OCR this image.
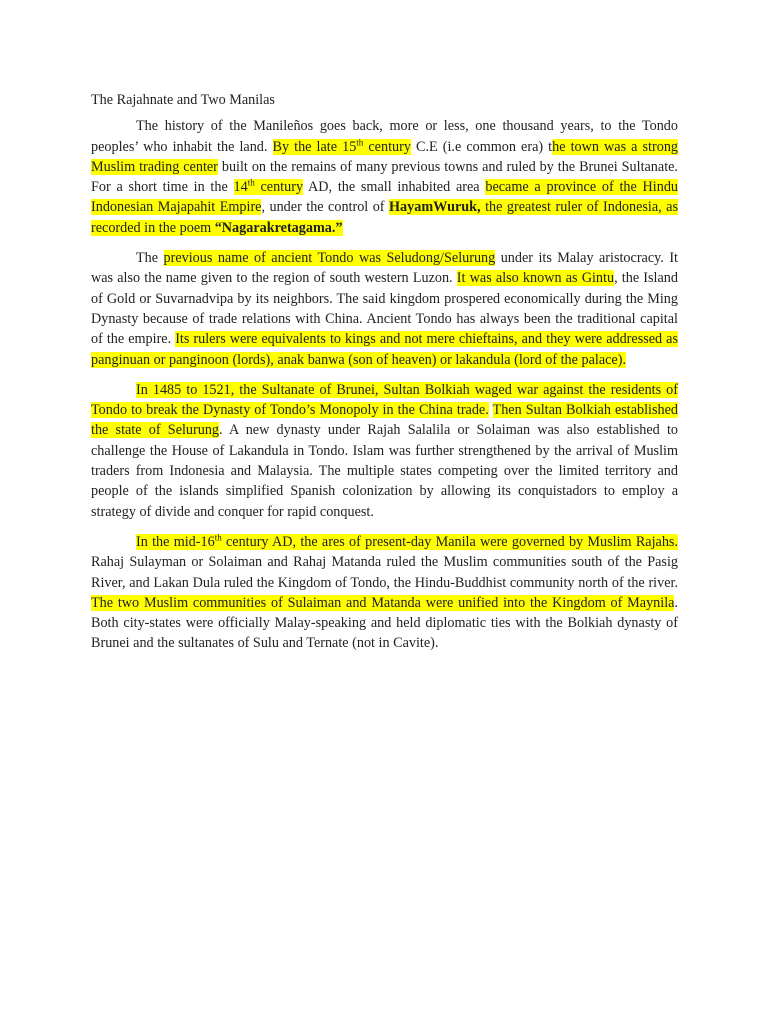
The Rajahnate and Two Manilas

The history of the Manileños goes back, more or less, one thousand years, to the Tondo peoples’ who inhabit the land. By the late 15th century C.E (i.e common era) the town was a strong Muslim trading center built on the remains of many previous towns and ruled by the Brunei Sultanate. For a short time in the 14th century AD, the small inhabited area became a province of the Hindu Indonesian Majapahit Empire, under the control of HayamWuruk, the greatest ruler of Indonesia, as recorded in the poem “Nagarakretagama.”

The previous name of ancient Tondo was Seludong/Selurung under its Malay aristocracy. It was also the name given to the region of south western Luzon. It was also known as Gintu, the Island of Gold or Suvarnadvipa by its neighbors. The said kingdom prospered economically during the Ming Dynasty because of trade relations with China. Ancient Tondo has always been the traditional capital of the empire. Its rulers were equivalents to kings and not mere chieftains, and they were addressed as panginuan or panginoon (lords), anak banwa (son of heaven) or lakandula (lord of the palace).

In 1485 to 1521, the Sultanate of Brunei, Sultan Bolkiah waged war against the residents of Tondo to break the Dynasty of Tondo’s Monopoly in the China trade. Then Sultan Bolkiah established the state of Selurung. A new dynasty under Rajah Salalila or Solaiman was also established to challenge the House of Lakandula in Tondo. Islam was further strengthened by the arrival of Muslim traders from Indonesia and Malaysia. The multiple states competing over the limited territory and people of the islands simplified Spanish colonization by allowing its conquistadors to employ a strategy of divide and conquer for rapid conquest.

In the mid-16th century AD, the ares of present-day Manila were governed by Muslim Rajahs. Rahaj Sulayman or Solaiman and Rahaj Matanda ruled the Muslim communities south of the Pasig River, and Lakan Dula ruled the Kingdom of Tondo, the Hindu-Buddhist community north of the river. The two Muslim communities of Sulaiman and Matanda were unified into the Kingdom of Maynila. Both city-states were officially Malay-speaking and held diplomatic ties with the Bolkiah dynasty of Brunei and the sultanates of Sulu and Ternate (not in Cavite).
